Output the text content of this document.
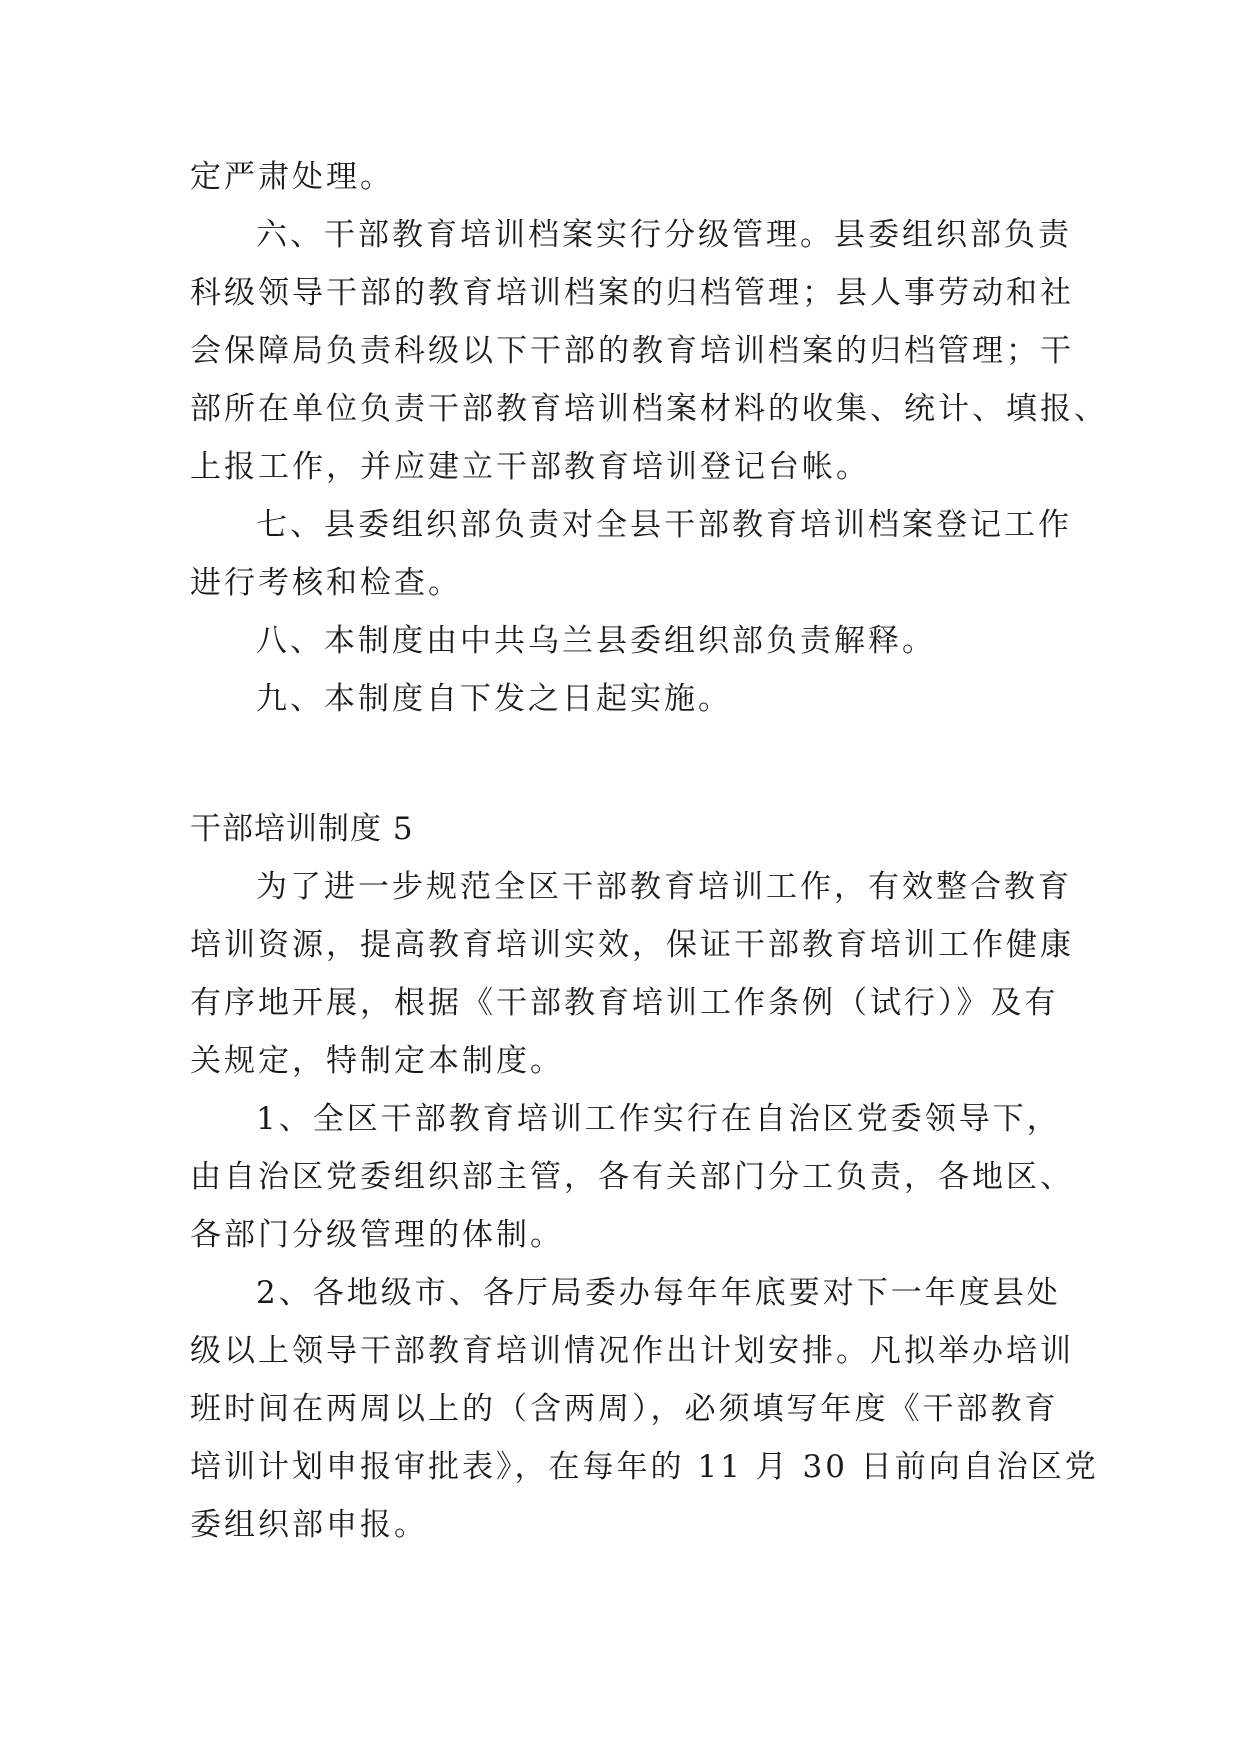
定严肃处理。

六、干部教育培训档案实行分级管理。县委组织部负责

科级领导干部的教育培训档案的归档管理；县人事劳动和社

会保障局负责科级以下干部的教育培训档案的归档管理；干

部所在单位负责干部教育培训档案材料的收集、统计、填报、

上报工作，并应建立干部教育培训登记台帐。

七、县委组织部负责对全县干部教育培训档案登记工作

进行考核和检查。

八、本制度由中共乌兰县委组织部负责解释。

九、本制度自下发之日起实施。

干部培训制度 5

为了进一步规范全区干部教育培训工作，有效整合教育

培训资源，提高教育培训实效，保证干部教育培训工作健康

有序地开展，根据《干部教育培训工作条例（试行）》及有

关规定，特制定本制度。

1、全区干部教育培训工作实行在自治区党委领导下，

由自治区党委组织部主管，各有关部门分工负责，各地区、

各部门分级管理的体制。

2、各地级市、各厅局委办每年年底要对下一年度县处

级以上领导干部教育培训情况作出计划安排。凡拟举办培训

班时间在两周以上的（含两周），必须填写年度《干部教育

培训计划申报审批表》，在每年的 11 月 30 日前向自治区党

委组织部申报。
